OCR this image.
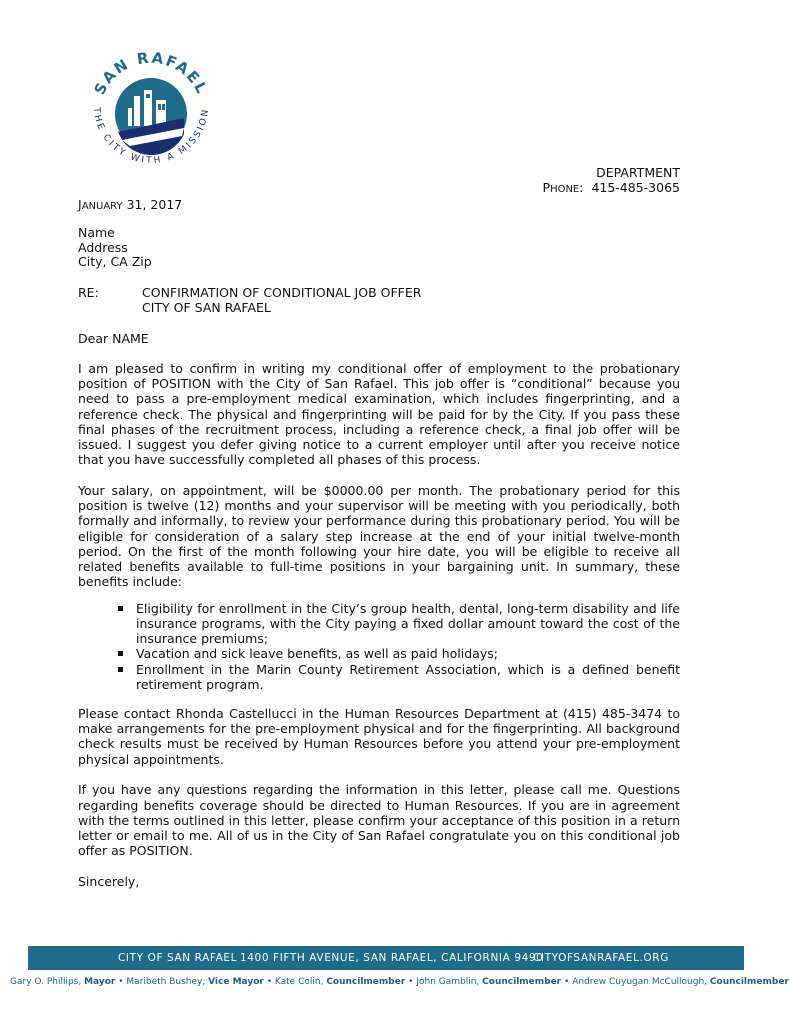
SAN RAFAEL
THE CITY WITH A MISSION
DEPARTMENT
PHONE: 415-485-3065
JANUARY 31, 2017
Name
Address
City, CA Zip
RE:	CONFIRMATION OF CONDITIONAL JOB OFFER
CITY OF SAN RAFAEL
Dear NAME

I am pleased to confirm in writing my conditional offer of employment to the probationary position of POSITION with the City of San Rafael. This job offer is “conditional” because you need to pass a pre-employment medical examination, which includes fingerprinting, and a reference check. The physical and fingerprinting will be paid for by the City. If you pass these final phases of the recruitment process, including a reference check, a final job offer will be issued. I suggest you defer giving notice to a current employer until after you receive notice that you have successfully completed all phases of this process.

Your salary, on appointment, will be $0000.00 per month. The probationary period for this position is twelve (12) months and your supervisor will be meeting with you periodically, both formally and informally, to review your performance during this probationary period. You will be eligible for consideration of a salary step increase at the end of your initial twelve-month period. On the first of the month following your hire date, you will be eligible to receive all related benefits available to full-time positions in your bargaining unit. In summary, these benefits include:

Eligibility for enrollment in the City’s group health, dental, long-term disability and life insurance programs, with the City paying a fixed dollar amount toward the cost of the insurance premiums;
Vacation and sick leave benefits, as well as paid holidays;
Enrollment in the Marin County Retirement Association, which is a defined benefit retirement program.

Please contact Rhonda Castellucci in the Human Resources Department at (415) 485-3474 to make arrangements for the pre-employment physical and for the fingerprinting. All background check results must be received by Human Resources before you attend your pre-employment physical appointments.

If you have any questions regarding the information in this letter, please call me. Questions regarding benefits coverage should be directed to Human Resources. If you are in agreement with the terms outlined in this letter, please confirm your acceptance of this position in a return letter or email to me. All of us in the City of San Rafael congratulate you on this conditional job offer as POSITION.

Sincerely,
CITY OF SAN RAFAEL 1400 FIFTH AVENUE, SAN RAFAEL, CALIFORNIA 9490
CITYOFSANRAFAEL.ORG
Gary O. Phillips, Mayor • Maribeth Bushey, Vice Mayor • Kate Colin, Councilmember • John Gamblin, Councilmember • Andrew Cuyugan McCullough, Councilmember
